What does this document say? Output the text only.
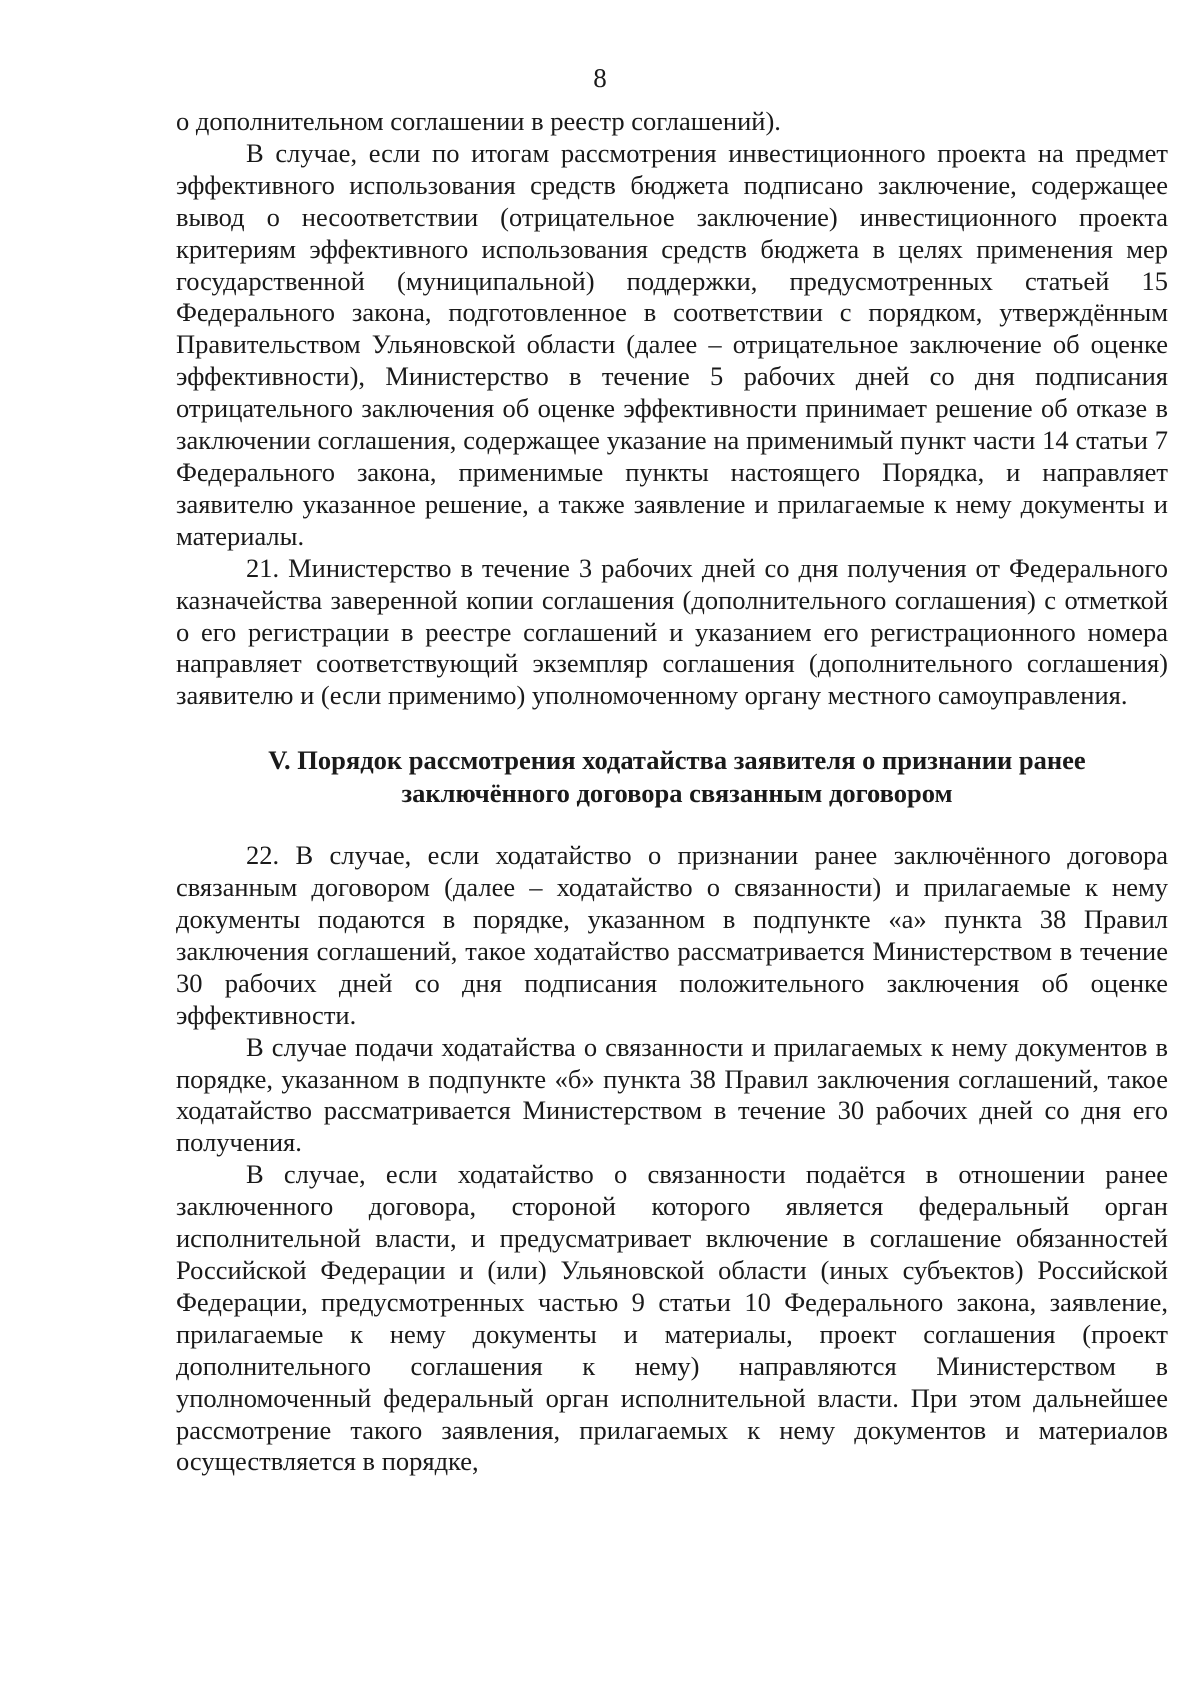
8

о дополнительном соглашении в реестр соглашений).

В случае, если по итогам рассмотрения инвестиционного проекта на предмет эффективного использования средств бюджета подписано заключение, содержащее вывод о несоответствии (отрицательное заключение) инвестиционного проекта критериям эффективного использования средств бюджета в целях применения мер государственной (муниципальной) поддержки, предусмотренных статьей 15 Федерального закона, подготовленное в соответствии с порядком, утверждённым Правительством Ульяновской области (далее – отрицательное заключение об оценке эффективности), Министерство в течение 5 рабочих дней со дня подписания отрицательного заключения об оценке эффективности принимает решение об отказе в заключении соглашения, содержащее указание на применимый пункт части 14 статьи 7 Федерального закона, применимые пункты настоящего Порядка, и направляет заявителю указанное решение, а также заявление и прилагаемые к нему документы и материалы.

21. Министерство в течение 3 рабочих дней со дня получения от Федерального казначейства заверенной копии соглашения (дополнительного соглашения) с отметкой о его регистрации в реестре соглашений и указанием его регистрационного номера направляет соответствующий экземпляр соглашения (дополнительного соглашения) заявителю и (если применимо) уполномоченному органу местного самоуправления.

V. Порядок рассмотрения ходатайства заявителя о признании ранее заключённого договора связанным договором

22. В случае, если ходатайство о признании ранее заключённого договора связанным договором (далее – ходатайство о связанности) и прилагаемые к нему документы подаются в порядке, указанном в подпункте «а» пункта 38 Правил заключения соглашений, такое ходатайство рассматривается Министерством в течение 30 рабочих дней со дня подписания положительного заключения об оценке эффективности.

В случае подачи ходатайства о связанности и прилагаемых к нему документов в порядке, указанном в подпункте «б» пункта 38 Правил заключения соглашений, такое ходатайство рассматривается Министерством в течение 30 рабочих дней со дня его получения.

В случае, если ходатайство о связанности подаётся в отношении ранее заключенного договора, стороной которого является федеральный орган исполнительной власти, и предусматривает включение в соглашение обязанностей Российской Федерации и (или) Ульяновской области (иных субъектов) Российской Федерации, предусмотренных частью 9 статьи 10 Федерального закона, заявление, прилагаемые к нему документы и материалы, проект соглашения (проект дополнительного соглашения к нему) направляются Министерством в уполномоченный федеральный орган исполнительной власти. При этом дальнейшее рассмотрение такого заявления, прилагаемых к нему документов и материалов осуществляется в порядке,
